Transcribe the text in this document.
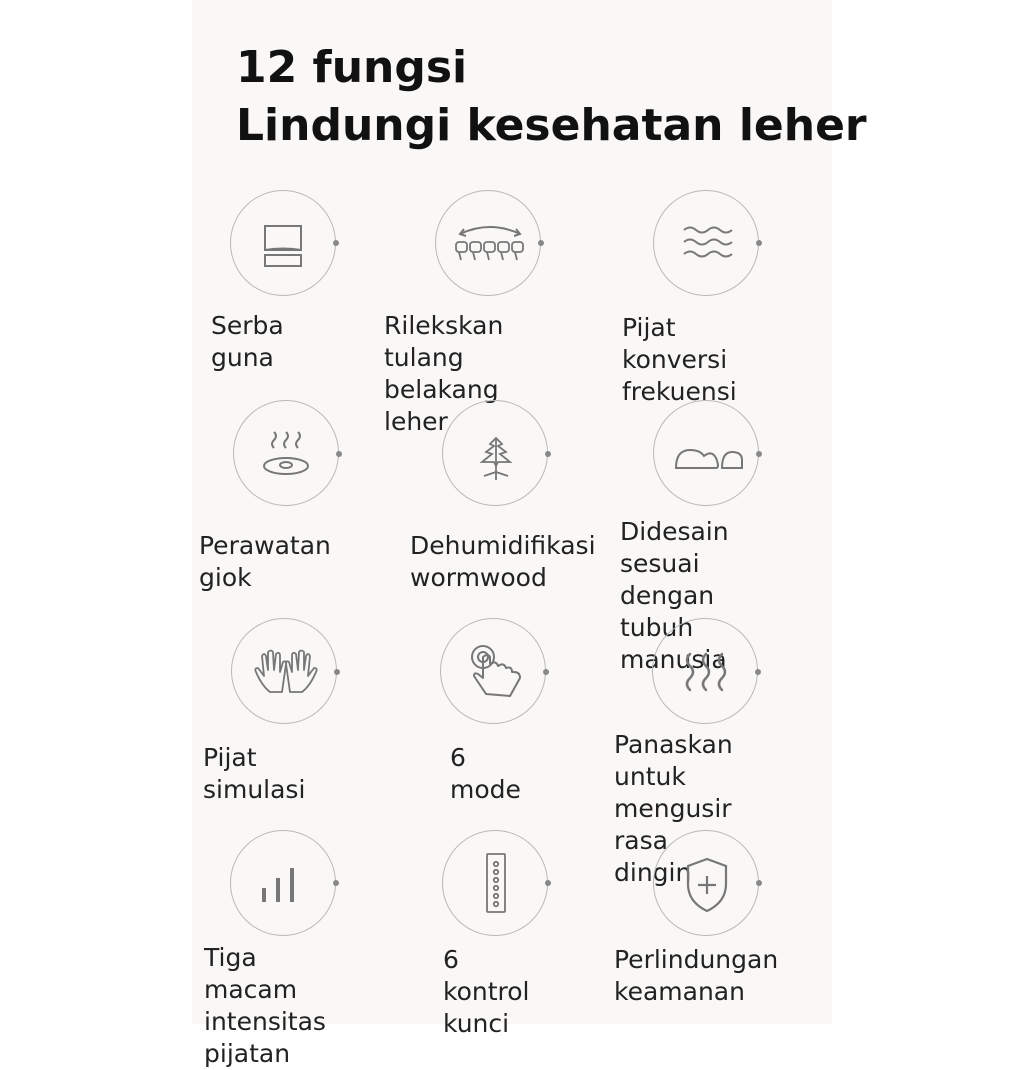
12 fungsi
Lindungi kesehatan leher

Serba guna

Rilekskan tulang
belakang leher

Pijat konversi
frekuensi

Perawatan giok

Dehumidifikasi
wormwood

Didesain sesuai
dengan tubuh
manusia

Pijat simulasi

6 mode

Panaskan untuk
mengusir rasa
dingin

Tiga macam
intensitas pijatan

6 kontrol
kunci

Perlindungan
keamanan
